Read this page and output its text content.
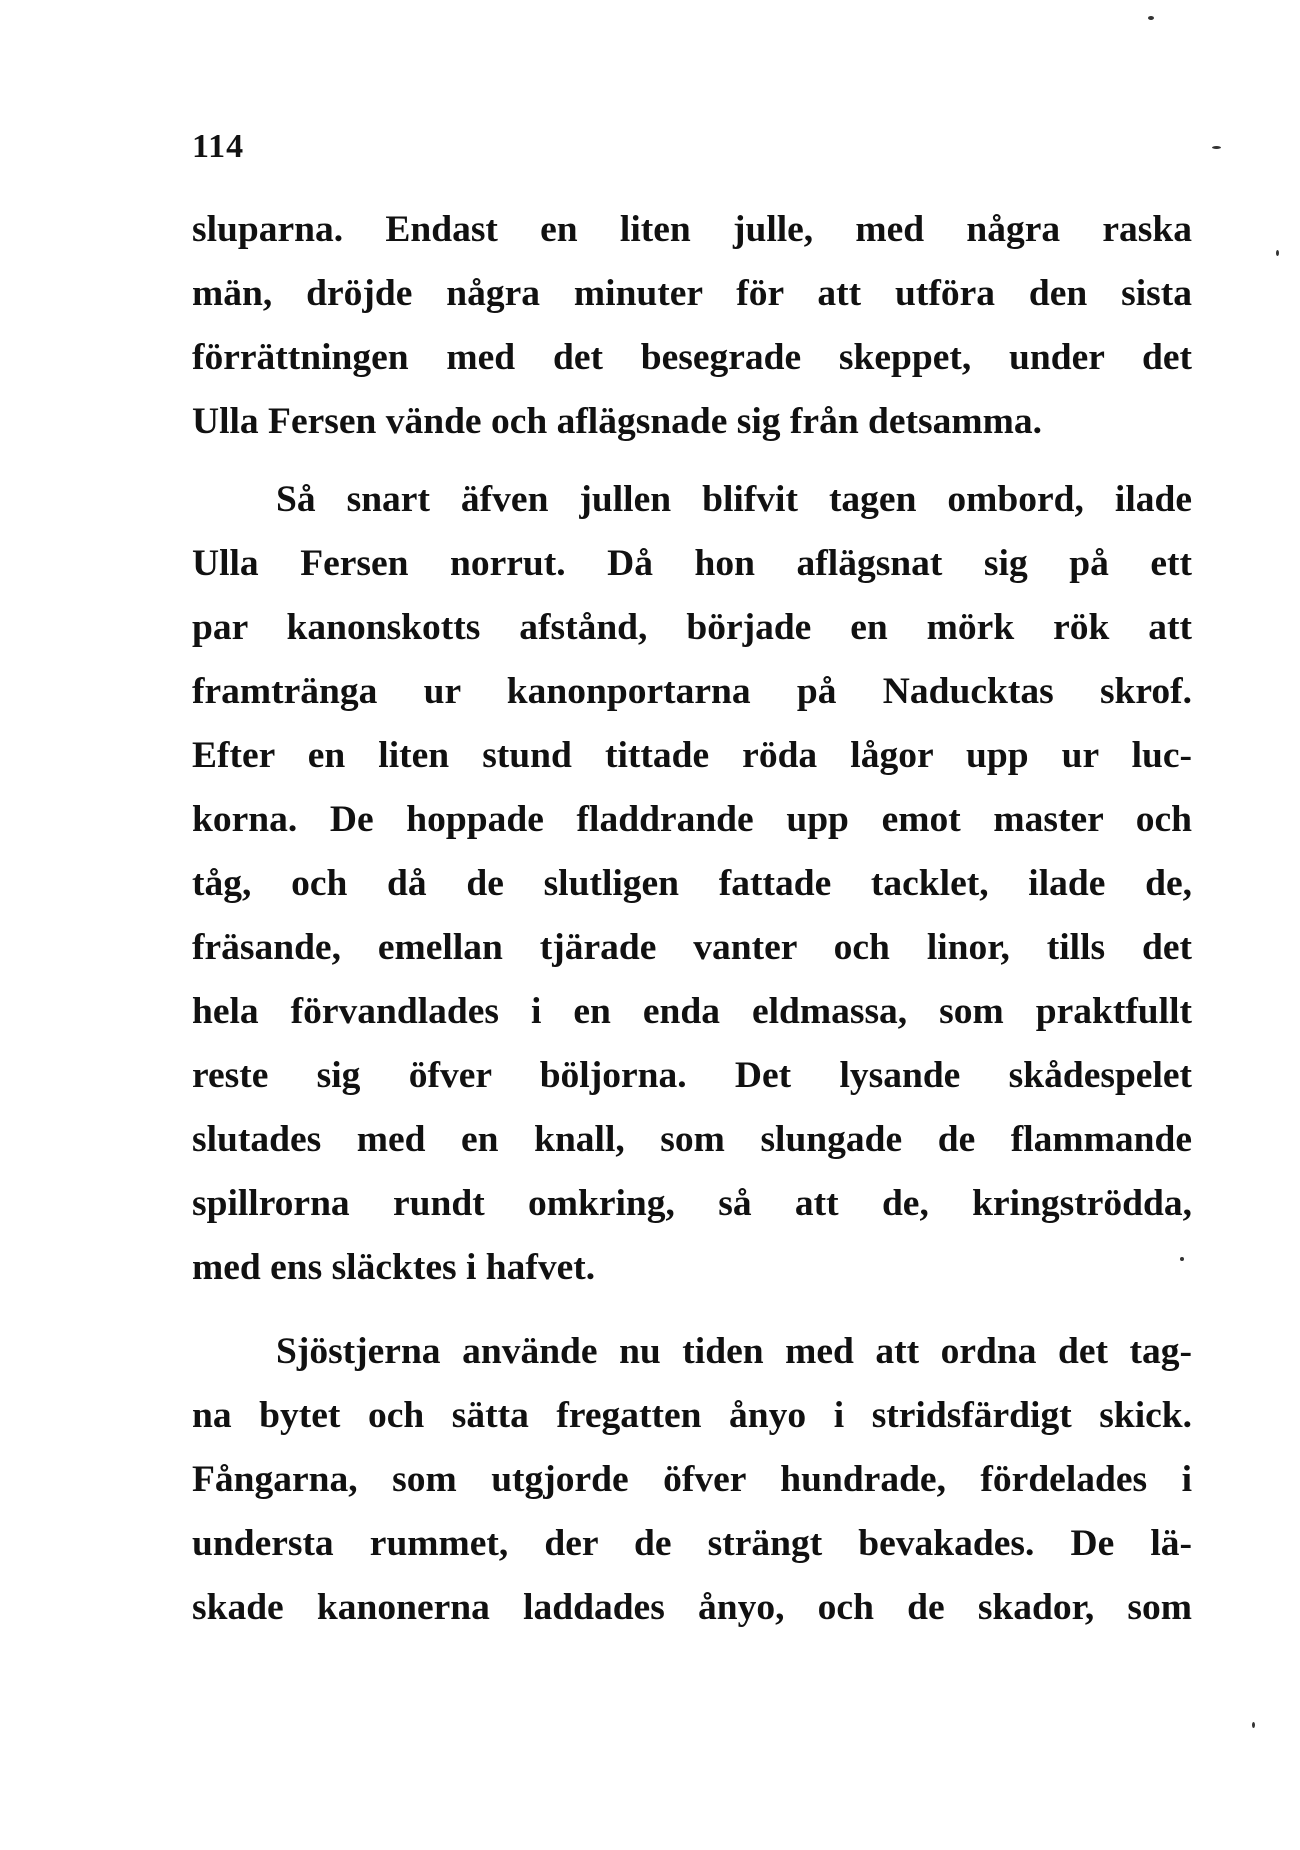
114
sluparna. Endast en liten julle, med några raska
män, dröjde några minuter för att utföra den sista
förrättningen med det besegrade skeppet, under det
Ulla Fersen vände och aflägsnade sig från detsamma.
Så snart äfven jullen blifvit tagen ombord, ilade
Ulla Fersen norrut. Då hon aflägsnat sig på ett
par kanonskotts afstånd, började en mörk rök att
framtränga ur kanonportarna på Naducktas skrof.
Efter en liten stund tittade röda lågor upp ur luc-
korna. De hoppade fladdrande upp emot master och
tåg, och då de slutligen fattade tacklet, ilade de,
fräsande, emellan tjärade vanter och linor, tills det
hela förvandlades i en enda eldmassa, som praktfullt
reste sig öfver böljorna. Det lysande skådespelet
slutades med en knall, som slungade de flammande
spillrorna rundt omkring, så att de, kringströdda,
med ens släcktes i hafvet.
Sjöstjerna använde nu tiden med att ordna det tag-
na bytet och sätta fregatten ånyo i stridsfärdigt skick.
Fångarna, som utgjorde öfver hundrade, fördelades i
understa rummet, der de strängt bevakades. De lä-
skade kanonerna laddades ånyo, och de skador, som
